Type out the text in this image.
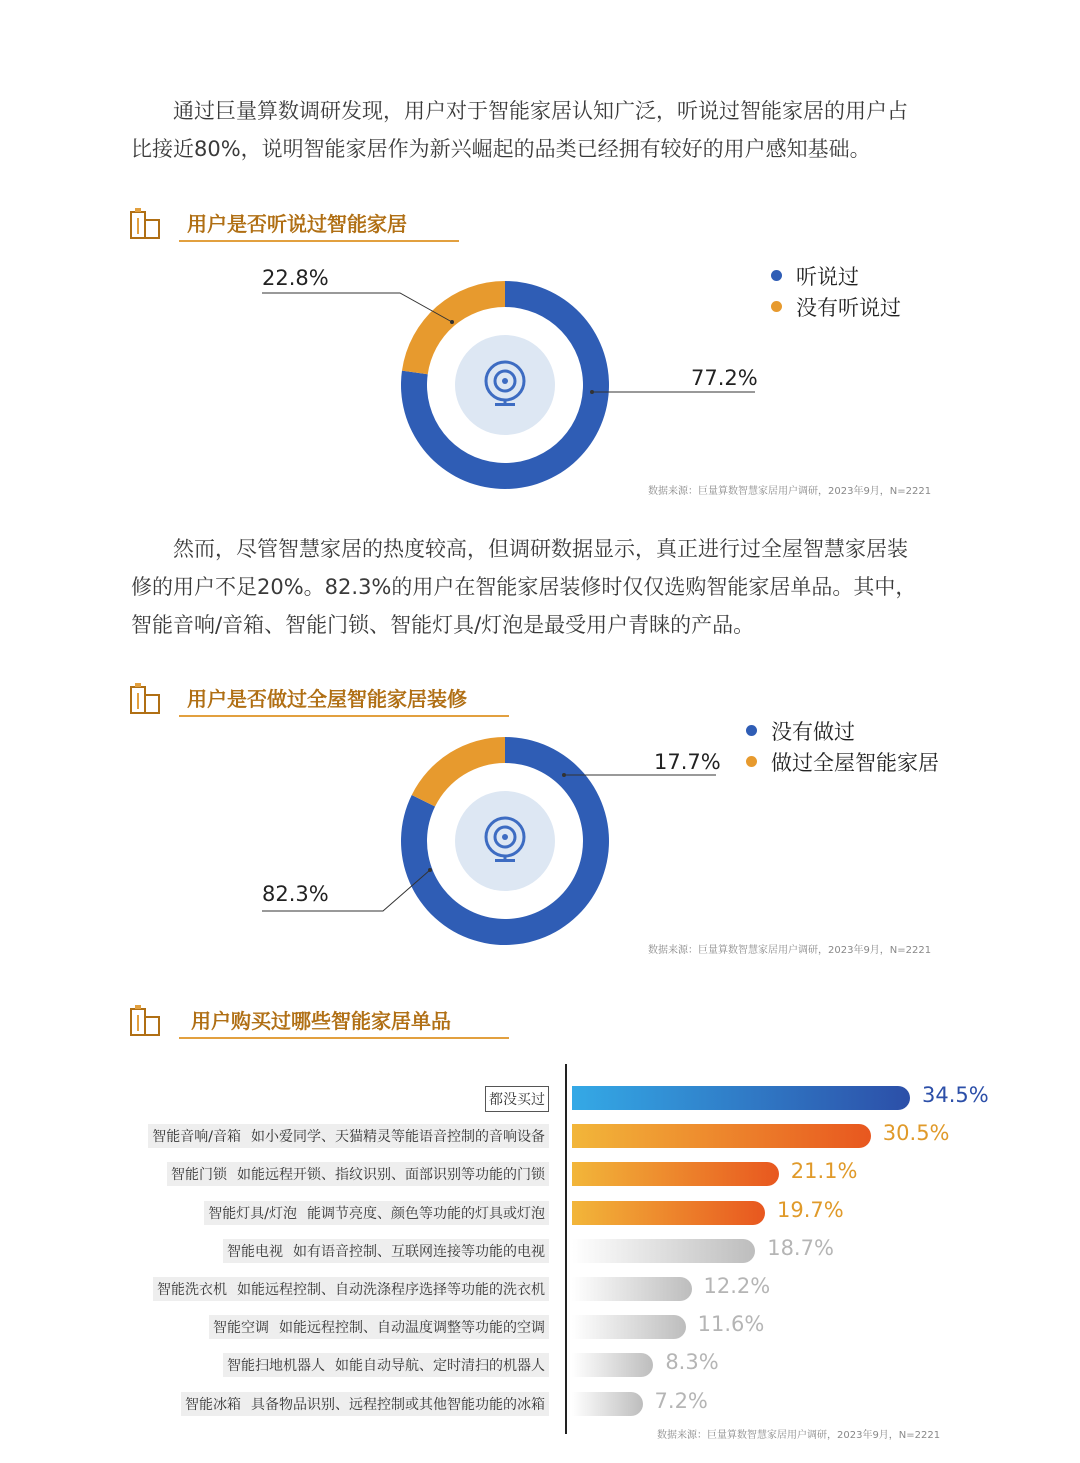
通过巨量算数调研发现，用户对于智能家居认知广泛，听说过智能家居的用户占
比接近80%，说明智能家居作为新兴崛起的品类已经拥有较好的用户感知基础。

用户是否听说过智能家居
22.8%
77.2%
听说过
没有听说过
数据来源：巨量算数智慧家居用户调研，2023年9月，N=2221

然而，尽管智慧家居的热度较高，但调研数据显示，真正进行过全屋智慧家居装
修的用户不足20%。82.3%的用户在智能家居装修时仅仅选购智能家居单品。其中，
智能音响/音箱、智能门锁、智能灯具/灯泡是最受用户青睐的产品。

用户是否做过全屋智能家居装修
17.7%
82.3%
没有做过
做过全屋智能家居
数据来源：巨量算数智慧家居用户调研，2023年9月，N=2221
用户购买过哪些智能家居单品
都没买过	34.5%
智能音响/音箱 如小爱同学、天猫精灵等能语音控制的音响设备	30.5%
智能门锁 如能远程开锁、指纹识别、面部识别等功能的门锁	21.1%
智能灯具/灯泡 能调节亮度、颜色等功能的灯具或灯泡	19.7%
智能电视 如有语音控制、互联网连接等功能的电视	18.7%
智能洗衣机 如能远程控制、自动洗涤程序选择等功能的洗衣机	12.2%
智能空调 如能远程控制、自动温度调整等功能的空调	11.6%
智能扫地机器人 如能自动导航、定时清扫的机器人	8.3%
智能冰箱 具备物品识别、远程控制或其他智能功能的冰箱	7.2%
数据来源：巨量算数智慧家居用户调研，2023年9月，N=2221
